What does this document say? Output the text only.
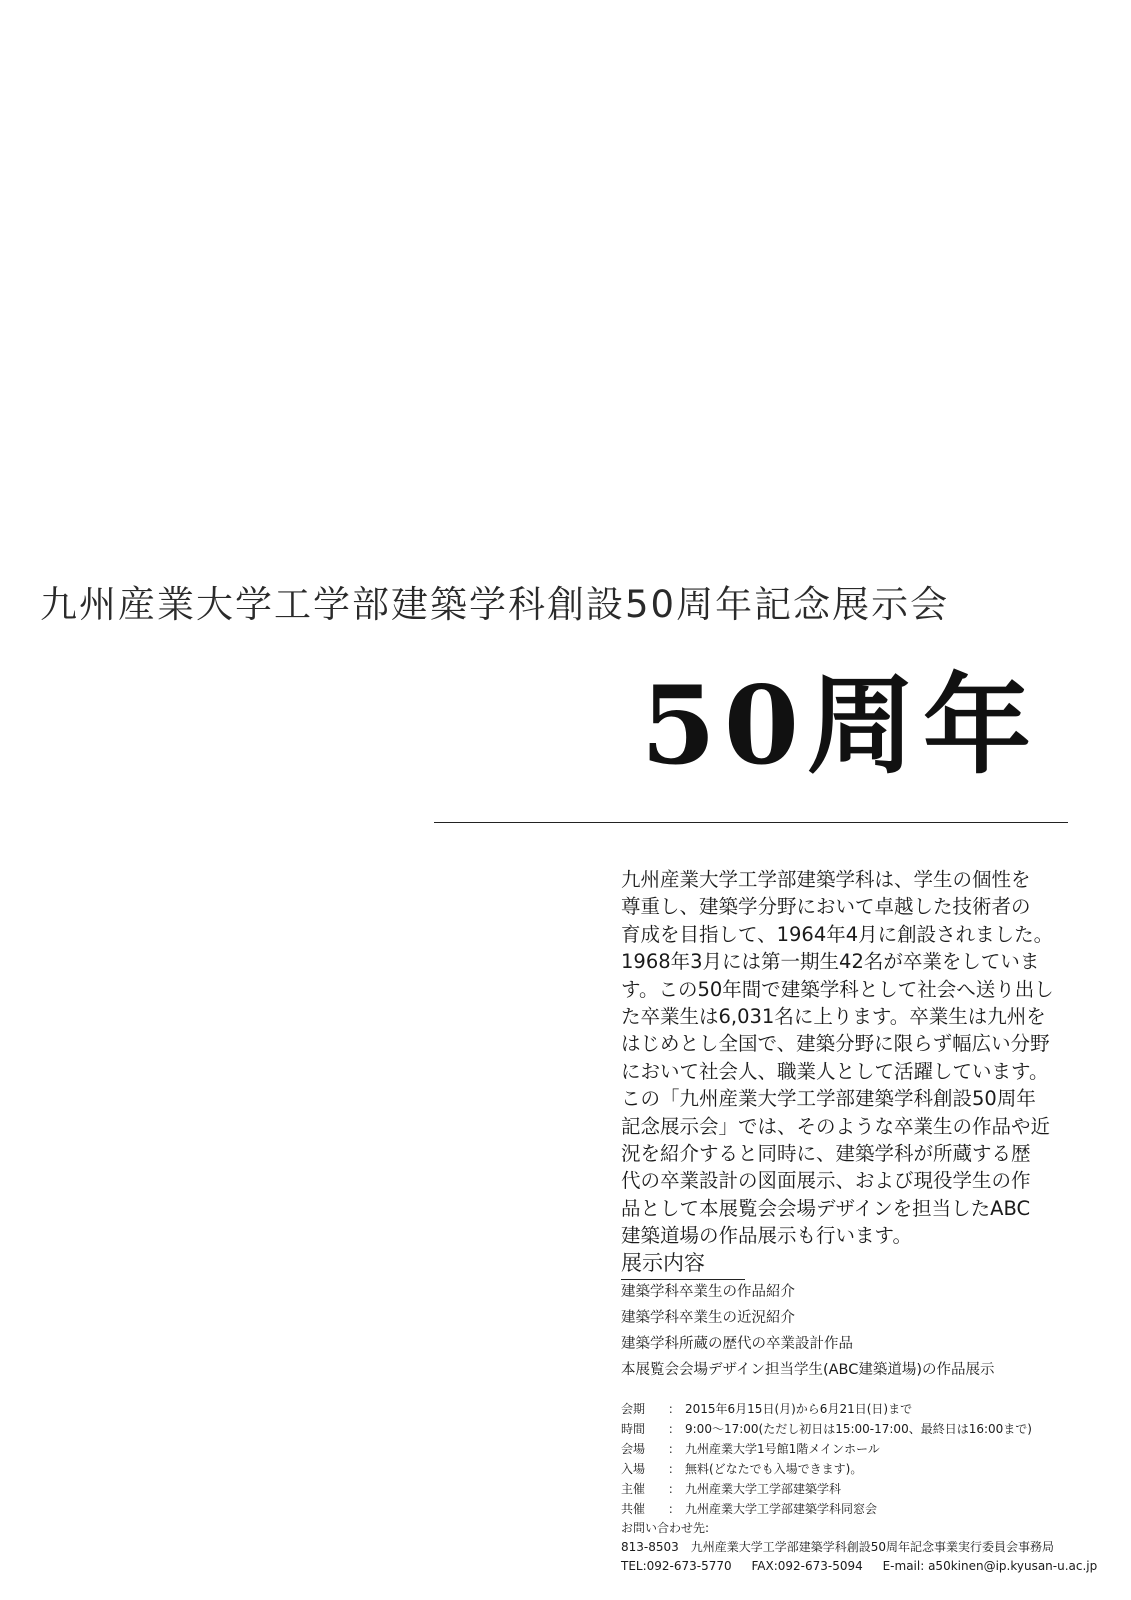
九州産業大学工学部建築学科創設50周年記念展示会
50周年

九州産業大学工学部建築学科は、学生の個性を

尊重し、建築学分野において卓越した技術者の

育成を目指して、1964年4月に創設されました。

1968年3月には第一期生42名が卒業をしていま

す。この50年間で建築学科として社会へ送り出し

た卒業生は6,031名に上ります。卒業生は九州を

はじめとし全国で、建築分野に限らず幅広い分野

において社会人、職業人として活躍しています。

この「九州産業大学工学部建築学科創設50周年

記念展示会」では、そのような卒業生の作品や近

況を紹介すると同時に、建築学科が所蔵する歴

代の卒業設計の図面展示、および現役学生の作

品として本展覧会会場デザインを担当したABC

建築道場の作品展示も行います。

展示内容
建築学科卒業生の作品紹介
建築学科卒業生の近況紹介
建築学科所蔵の歴代の卒業設計作品
本展覧会会場デザイン担当学生(ABC建築道場)の作品展示
会期	： 2015年6月15日(月)から6月21日(日)まで
時間	： 9:00〜17:00(ただし初日は15:00-17:00、最終日は16:00まで)
会場	： 九州産業大学1号館1階メインホール
入場	： 無料(どなたでも入場できます)。
主催	： 九州産業大学工学部建築学科
共催	： 九州産業大学工学部建築学科同窓会
お問い合わせ先:
813-8503　九州産業大学工学部建築学科創設50周年記念事業実行委員会事務局
TEL:092-673-5770 FAX:092-673-5094 E-mail: a50kinen@ip.kyusan-u.ac.jp
